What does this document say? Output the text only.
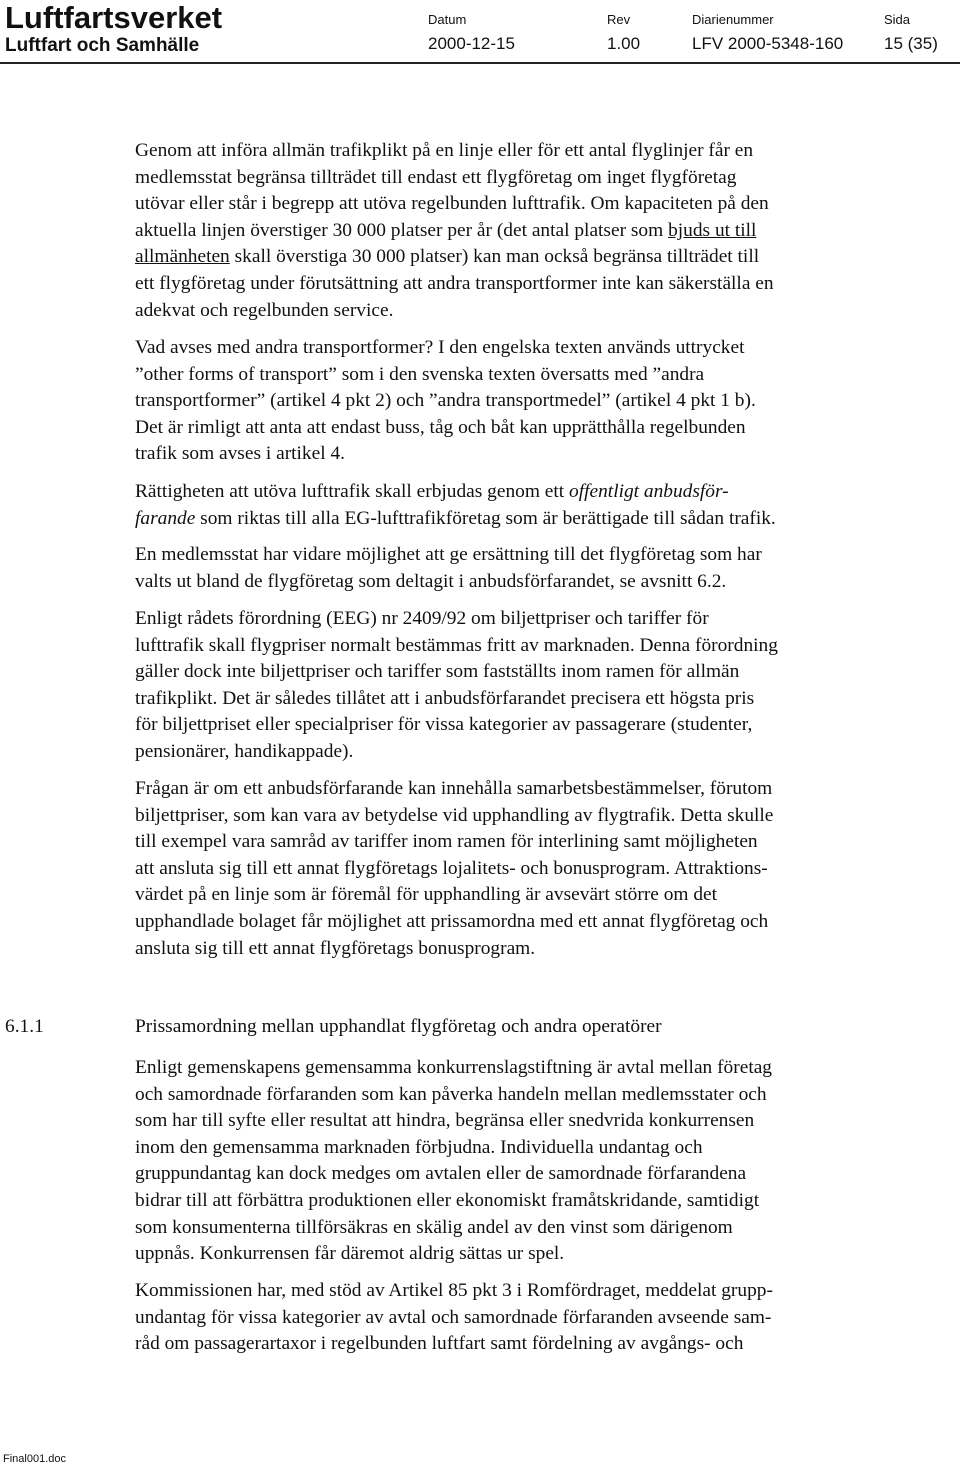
Luftfartsverket
Luftfart och Samhälle
Datum
2000-12-15
Rev
1.00
Diarienummer
LFV 2000-5348-160
Sida
15 (35)
Genom att införa allmän trafikplikt på en linje eller för ett antal flyglinjer får en
medlemsstat begränsa tillträdet till endast ett flygföretag om inget flygföretag
utövar eller står i begrepp att utöva regelbunden lufttrafik. Om kapaciteten på den
aktuella linjen överstiger 30 000 platser per år (det antal platser som bjuds ut till
allmänheten skall överstiga 30 000 platser) kan man också begränsa tillträdet till
ett flygföretag under förutsättning att andra transportformer inte kan säkerställa en
adekvat och regelbunden service.
Vad avses med andra transportformer? I den engelska texten används uttrycket
”other forms of transport” som i den svenska texten översatts med ”andra
transportformer” (artikel 4 pkt 2) och ”andra transportmedel” (artikel 4 pkt 1 b).
Det är rimligt att anta att endast buss, tåg och båt kan upprätthålla regelbunden
trafik som avses i artikel 4.
Rättigheten att utöva lufttrafik skall erbjudas genom ett offentligt anbudsför-
farande som riktas till alla EG-lufttrafikföretag som är berättigade till sådan trafik.
En medlemsstat har vidare möjlighet att ge ersättning till det flygföretag som har
valts ut bland de flygföretag som deltagit i anbudsförfarandet, se avsnitt 6.2.
Enligt rådets förordning (EEG) nr 2409/92 om biljettpriser och tariffer för
lufttrafik skall flygpriser normalt bestämmas fritt av marknaden. Denna förordning
gäller dock inte biljettpriser och tariffer som fastställts inom ramen för allmän
trafikplikt. Det är således tillåtet att i anbudsförfarandet precisera ett högsta pris
för biljettpriset eller specialpriser för vissa kategorier av passagerare (studenter,
pensionärer, handikappade).
Frågan är om ett anbudsförfarande kan innehålla samarbetsbestämmelser, förutom
biljettpriser, som kan vara av betydelse vid upphandling av flygtrafik. Detta skulle
till exempel vara samråd av tariffer inom ramen för interlining samt möjligheten
att ansluta sig till ett annat flygföretags lojalitets- och bonusprogram. Attraktions-
värdet på en linje som är föremål för upphandling är avsevärt större om det
upphandlade bolaget får möjlighet att prissamordna med ett annat flygföretag och
ansluta sig till ett annat flygföretags bonusprogram.
6.1.1	Prissamordning mellan upphandlat flygföretag och andra operatörer
Enligt gemenskapens gemensamma konkurrenslagstiftning är avtal mellan företag
och samordnade förfaranden som kan påverka handeln mellan medlemsstater och
som har till syfte eller resultat att hindra, begränsa eller snedvrida konkurrensen
inom den gemensamma marknaden förbjudna. Individuella undantag och
gruppundantag kan dock medges om avtalen eller de samordnade förfarandena
bidrar till att förbättra produktionen eller ekonomiskt framåtskridande, samtidigt
som konsumenterna tillförsäkras en skälig andel av den vinst som därigenom
uppnås. Konkurrensen får däremot aldrig sättas ur spel.
Kommissionen har, med stöd av Artikel 85 pkt 3 i Romfördraget, meddelat grupp-
undantag för vissa kategorier av avtal och samordnade förfaranden avseende sam-
råd om passagerartaxor i regelbunden luftfart samt fördelning av avgångs- och
Final001.doc
